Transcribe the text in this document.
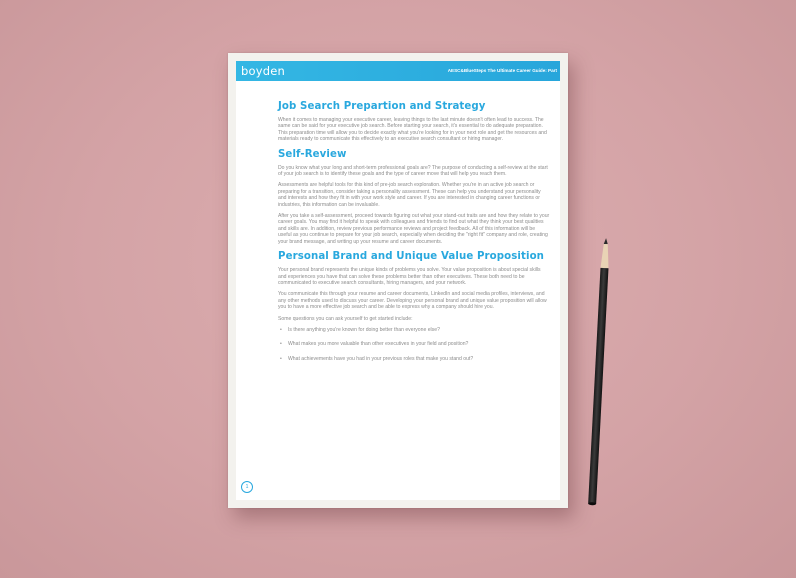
boyden	AESC&BlueSteps The Ultimate Career Guide: Part
Job Search Prepartion and Strategy

When it comes to managing your executive career, leaving things to the last minute doesn't often lead to success. The same can be said for your executive job search. Before starting your search, it's essential to do adequate preparation. This preparation time will allow you to decide exactly what you're looking for in your next role and get the resources and materials ready to communicate this effectively to an executive search consultant or hiring manager.

Self-Review

Do you know what your long and short-term professional goals are? The purpose of conducting a self-review at the start of your job search is to identify these goals and the type of career move that will help you reach them.

Assessments are helpful tools for this kind of pre-job search exploration. Whether you're in an active job search or preparing for a transition, consider taking a personality assessment. These can help you understand your personality and interests and how they fit in with your work style and career. If you are interested in changing career functions or industries, this information can be invaluable.

After you take a self-assessment, proceed towards figuring out what your stand-out traits are and how they relate to your career goals. You may find it helpful to speak with colleagues and friends to find out what they think your best qualities and skills are. In addition, review previous performance reviews and project feedback. All of this information will be useful as you continue to prepare for your job search, especially when deciding the "right fit" company and role, creating your brand message, and writing up your resume and career documents.

Personal Brand and Unique Value Proposition

Your personal brand represents the unique kinds of problems you solve. Your value proposition is about special skills and experiences you have that can solve these problems better than other executives. These both need to be communicated to executive search consultants, hiring managers, and your network.

You communicate this through your resume and career documents, LinkedIn and social media profiles, interviews, and any other methods used to discuss your career. Developing your personal brand and unique value proposition will allow you to have a more effective job search and be able to express why a company should hire you.

Some questions you can ask yourself to get started include:

• Is there anything you're known for doing better than everyone else?
• What makes you more valuable than other executives in your field and position?
• What achievements have you had in your previous roles that make you stand out?
1
